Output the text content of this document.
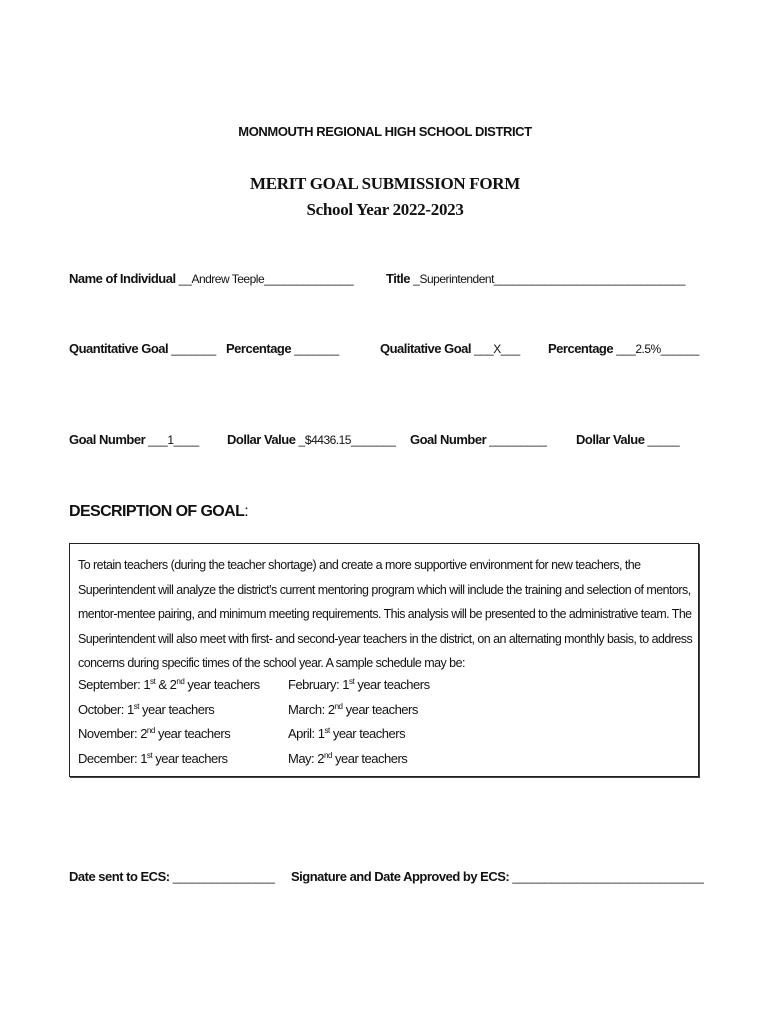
MONMOUTH REGIONAL HIGH SCHOOL DISTRICT
MERIT GOAL SUBMISSION FORM
School Year 2022-2023
Name of Individual __Andrew Teeple______________	Title _Superintendent______________________________
Quantitative Goal _______ Percentage _______	Qualitative Goal ___X___ Percentage ___2.5%______
Goal Number ___1____ Dollar Value _$4436.15_______ Goal Number _________ Dollar Value _____
DESCRIPTION OF GOAL:
To retain teachers (during the teacher shortage) and create a more supportive environment for new teachers, the
Superintendent will analyze the district’s current mentoring program which will include the training and selection of mentors,
mentor-mentee pairing, and minimum meeting requirements. This analysis will be presented to the administrative team. The
Superintendent will also meet with first- and second-year teachers in the district, on an alternating monthly basis, to address
concerns during specific times of the school year. A sample schedule may be:
September: 1st & 2nd year teachers
October: 1st year teachers
November: 2nd year teachers
December: 1st year teachers
February: 1st year teachers
March: 2nd year teachers
April: 1st year teachers
May: 2nd year teachers
Date sent to ECS: ________________ Signature and Date Approved by ECS: ______________________________
